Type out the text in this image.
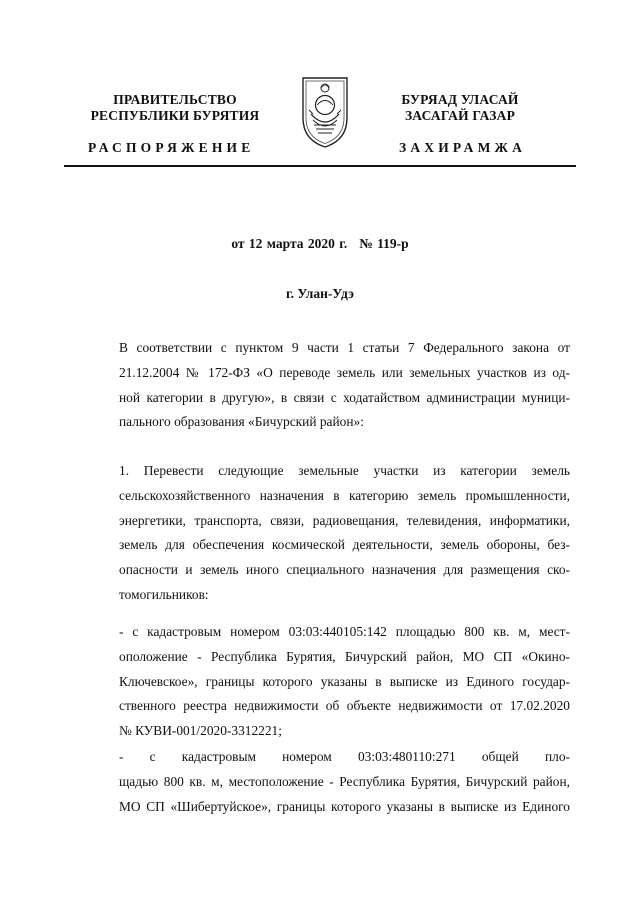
ПРАВИТЕЛЬСТВО
РЕСПУБЛИКИ БУРЯТИЯ
БУРЯАД УЛАСАЙ
ЗАСАГАЙ ГАЗАР
РАСПОРЯЖЕНИЕ	ЗАХИРАМЖА
от 12 марта 2020 г. № 119-р
г. Улан-Удэ
В соответствии с пунктом 9 части 1 статьи 7 Федерального закона от
21.12.2004 № 172-ФЗ «О переводе земель или земельных участков из од-
ной категории в другую», в связи с ходатайством администрации муници-
пального образования «Бичурский район»:
1. Перевести следующие земельные участки из категории земель
сельскохозяйственного назначения в категорию земель промышленности,
энергетики, транспорта, связи, радиовещания, телевидения, информатики,
земель для обеспечения космической деятельности, земель обороны, без-
опасности и земель иного специального назначения для размещения ско-
томогильников:
- с кадастровым номером 03:03:440105:142 площадью 800 кв. м, мест-
оположение - Республика Бурятия, Бичурский район, МО СП «Окино-
Ключевское», границы которого указаны в выписке из Единого государ-
ственного реестра недвижимости об объекте недвижимости от 17.02.2020
№ КУВИ-001/2020-3312221;
- с кадастровым номером 03:03:480110:271 общей пло-
щадью 800 кв. м, местоположение - Республика Бурятия, Бичурский район,
МО СП «Шибертуйское», границы которого указаны в выписке из Единого
